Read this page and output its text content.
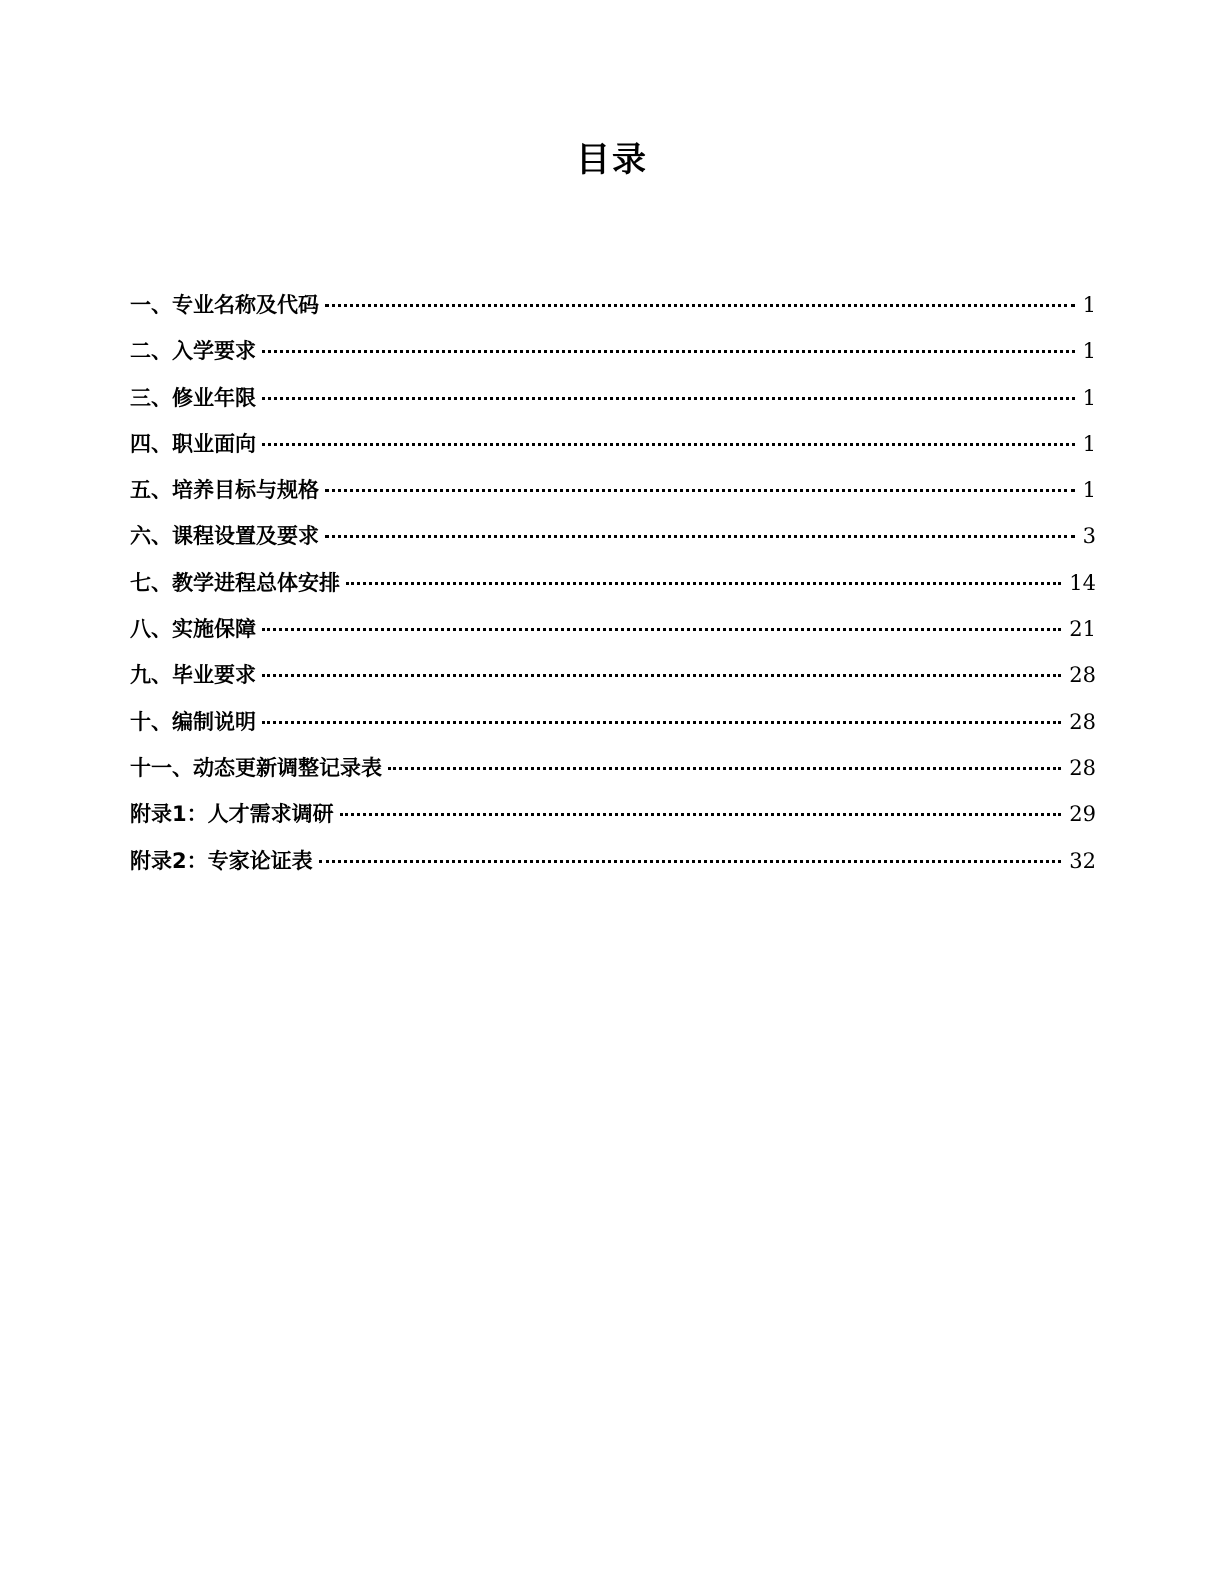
目录
一、专业名称及代码	1
二、入学要求	1
三、修业年限	1
四、职业面向	1
五、培养目标与规格	1
六、课程设置及要求	3
七、教学进程总体安排	14
八、实施保障	21
九、毕业要求	28
十、编制说明	28
十一、动态更新调整记录表	28
附录1：人才需求调研	29
附录2：专家论证表	32
